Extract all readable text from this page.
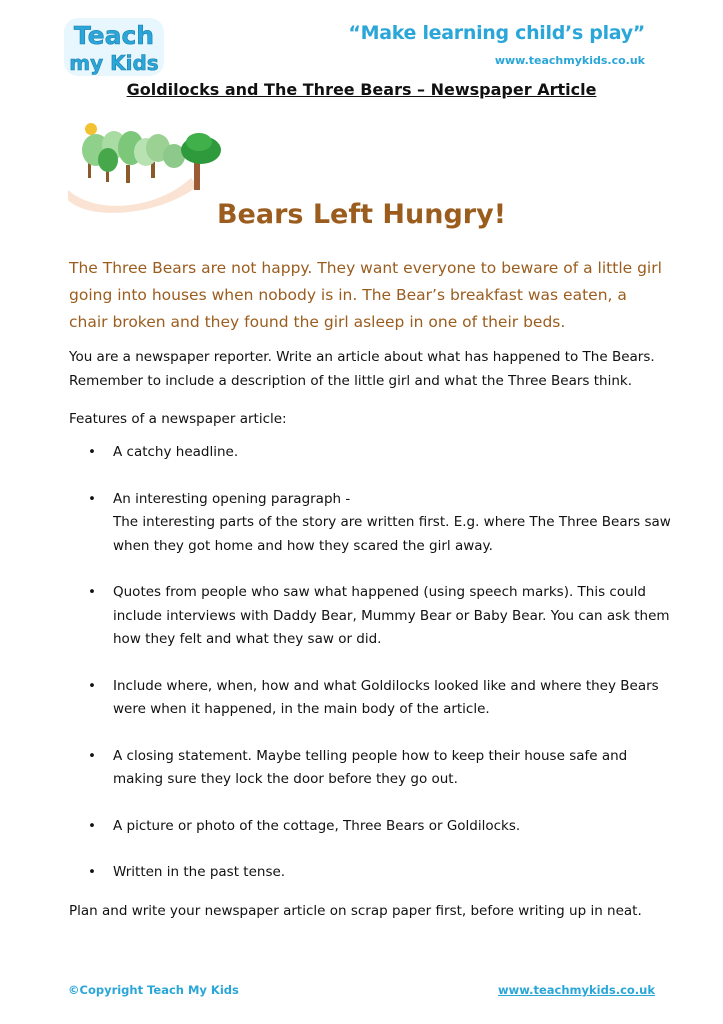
Teach
my Kids
“Make learning child’s play”
www.teachmykids.co.uk
Goldilocks and The Three Bears – Newspaper Article
Bears Left Hungry!
The Three Bears are not happy. They want everyone to beware of a little girl going into houses when nobody is in. The Bear’s breakfast was eaten, a chair broken and they found the girl asleep in one of their beds.
You are a newspaper reporter. Write an article about what has happened to The Bears. Remember to include a description of the little girl and what the Three Bears think.
Features of a newspaper article:
• A catchy headline.
• An interesting opening paragraph -
The interesting parts of the story are written first. E.g. where The Three Bears saw when they got home and how they scared the girl away.
• Quotes from people who saw what happened (using speech marks). This could include interviews with Daddy Bear, Mummy Bear or Baby Bear. You can ask them how they felt and what they saw or did.
• Include where, when, how and what Goldilocks looked like and where they Bears were when it happened, in the main body of the article.
• A closing statement. Maybe telling people how to keep their house safe and making sure they lock the door before they go out.
• A picture or photo of the cottage, Three Bears or Goldilocks.
• Written in the past tense.
Plan and write your newspaper article on scrap paper first, before writing up in neat.
©Copyright Teach My Kids	www.teachmykids.co.uk
